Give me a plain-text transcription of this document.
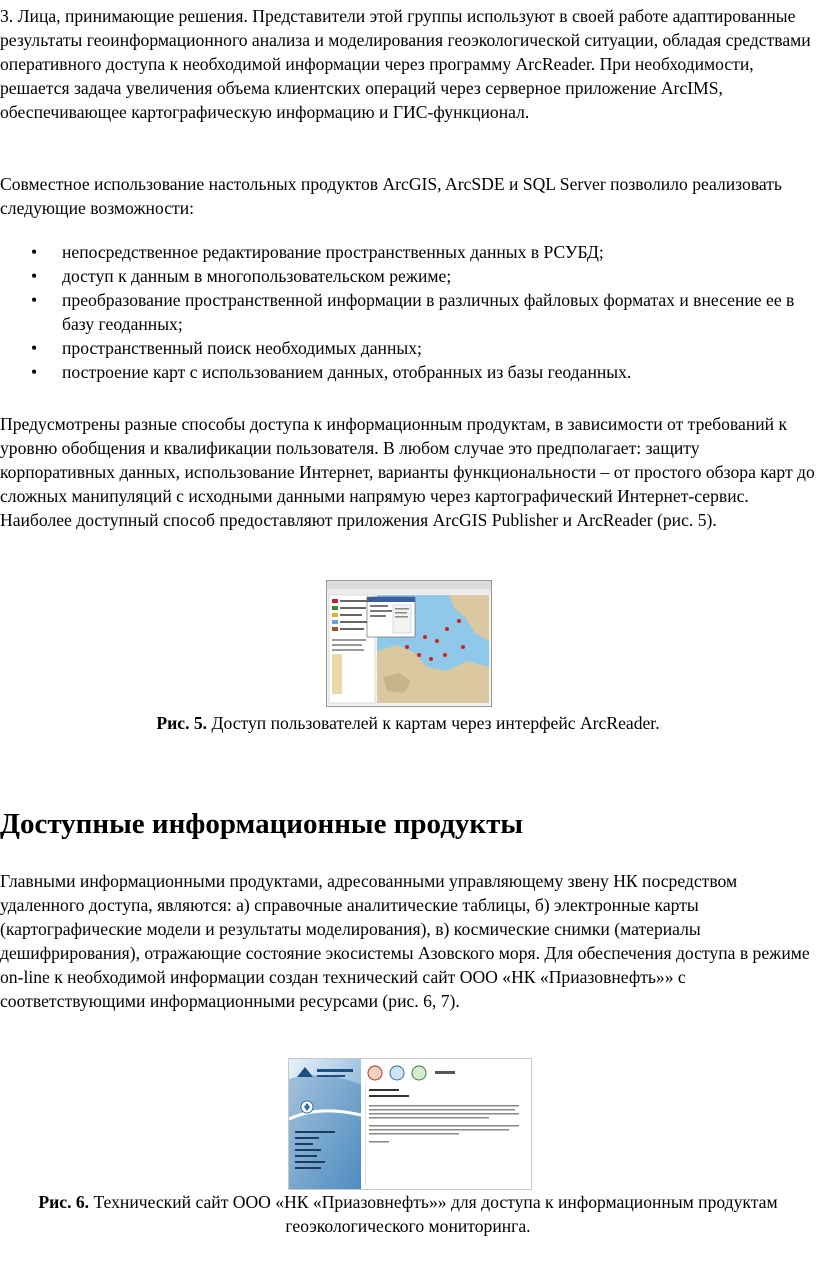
3. Лица, принимающие решения. Представители этой группы используют в своей работе адаптированные результаты геоинформационного анализа и моделирования геоэкологической ситуации, обладая средствами оперативного доступа к необходимой информации через программу ArcReader. При необходимости, решается задача увеличения объема клиентских операций через серверное приложение ArcIMS, обеспечивающее картографическую информацию и ГИС-функционал.

Совместное использование настольных продуктов ArcGIS, ArcSDE и SQL Server позволило реализовать следующие возможности:

• непосредственное редактирование пространственных данных в РСУБД;
• доступ к данным в многопользовательском режиме;
• преобразование пространственной информации в различных файловых форматах и внесение ее в базу геоданных;
• пространственный поиск необходимых данных;
• построение карт с использованием данных, отобранных из базы геоданных.

Предусмотрены разные способы доступа к информационным продуктам, в зависимости от требований к уровню обобщения и квалификации пользователя. В любом случае это предполагает: защиту корпоративных данных, использование Интернет, варианты функциональности – от простого обзора карт до сложных манипуляций с исходными данными напрямую через картографический Интернет-сервис. Наиболее доступный способ предоставляют приложения ArcGIS Publisher и ArcReader (рис. 5).

Рис. 5. Доступ пользователей к картам через интерфейс ArcReader.

Доступные информационные продукты

Главными информационными продуктами, адресованными управляющему звену НК посредством удаленного доступа, являются: а) справочные аналитические таблицы, б) электронные карты (картографические модели и результаты моделирования), в) космические снимки (материалы дешифрирования), отражающие состояние экосистемы Азовского моря. Для обеспечения доступа в режиме on-line к необходимой информации создан технический сайт ООО «НК «Приазовнефть»» с соответствующими информационными ресурсами (рис. 6, 7).

Рис. 6. Технический сайт ООО «НК «Приазовнефть»» для доступа к информационным продуктам геоэкологического мониторинга.
